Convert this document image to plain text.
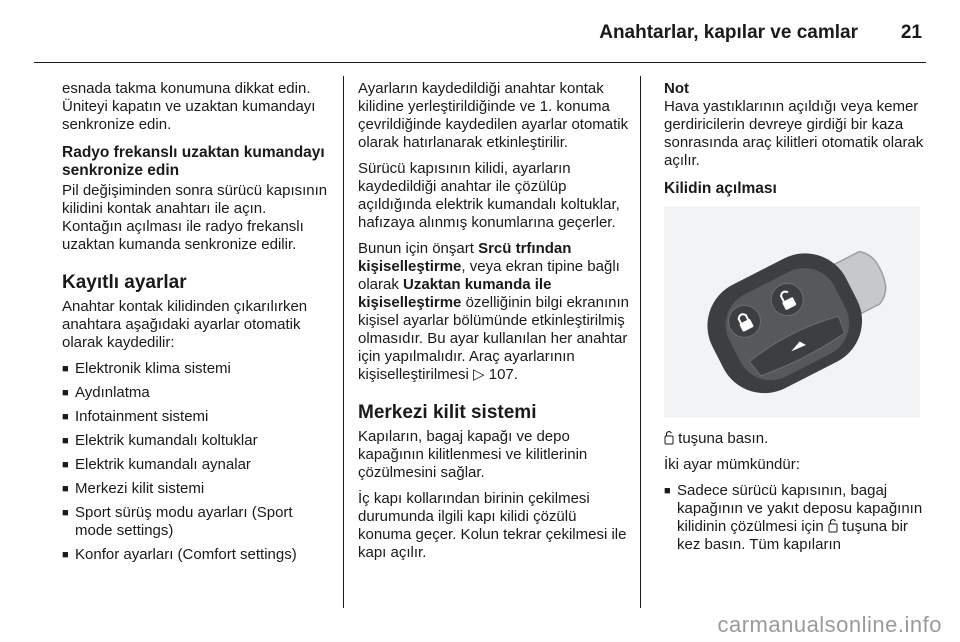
Anahtarlar, kapılar ve camlar 21

esnada takma konumuna dikkat edin. Üniteyi kapatın ve uzaktan kumandayı senkronize edin.

Radyo frekanslı uzaktan kumandayı senkronize edin

Pil değişiminden sonra sürücü kapısının kilidini kontak anahtarı ile açın. Kontağın açılması ile radyo frekanslı uzaktan kumanda senkronize edilir.

Kayıtlı ayarlar

Anahtar kontak kilidinden çıkarılırken anahtara aşağıdaki ayarlar otomatik olarak kaydedilir:

■ Elektronik klima sistemi
■ Aydınlatma
■ Infotainment sistemi
■ Elektrik kumandalı koltuklar
■ Elektrik kumandalı aynalar
■ Merkezi kilit sistemi
■ Sport sürüş modu ayarları (Sport mode settings)
■ Konfor ayarları (Comfort settings)

Ayarların kaydedildiği anahtar kontak kilidine yerleştirildiğinde ve 1. konuma çevrildiğinde kaydedilen ayarlar otomatik olarak hatırlanarak etkinleştirilir.

Sürücü kapısının kilidi, ayarların kaydedildiği anahtar ile çözülüp açıldığında elektrik kumandalı koltuklar, hafızaya alınmış konumlarına geçerler.

Bunun için önşart Srcü trfından kişiselleştirme, veya ekran tipine bağlı olarak Uzaktan kumanda ile kişiselleştirme özelliğinin bilgi ekranının kişisel ayarlar bölümünde etkinleştirilmiş olmasıdır. Bu ayar kullanılan her anahtar için yapılmalıdır. Araç ayarlarının kişiselleştirilmesi ▷ 107.

Merkezi kilit sistemi

Kapıların, bagaj kapağı ve depo kapağının kilitlenmesi ve kilitlerinin çözülmesini sağlar.

İç kapı kollarından birinin çekilmesi durumunda ilgili kapı kilidi çözülü konuma geçer. Kolun tekrar çekilmesi ile kapı açılır.

Not

Hava yastıklarının açıldığı veya kemer gerdiricilerin devreye girdiği bir kaza sonrasında araç kilitleri otomatik olarak açılır.

Kilidin açılması

tuşuna basın.

İki ayar mümkündür:

■ Sadece sürücü kapısının, bagaj kapağının ve yakıt deposu kapağının kilidinin çözülmesi için  tuşuna bir kez basın. Tüm kapıların
carmanualsonline.info
